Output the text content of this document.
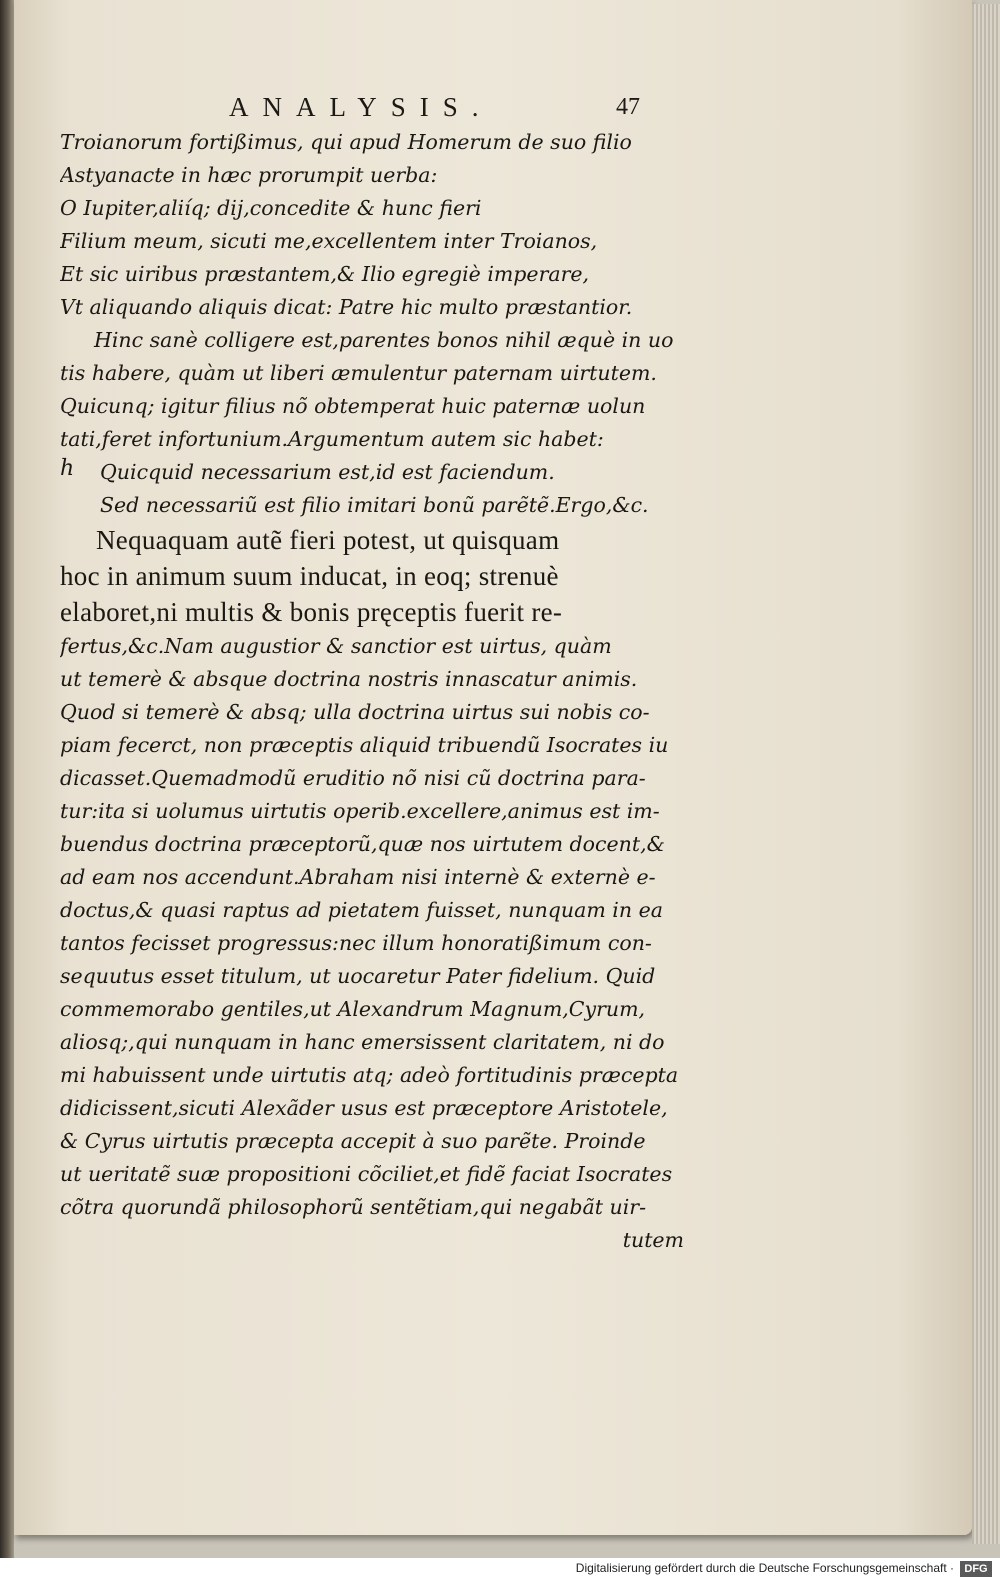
ANALYSIS.	47
Troianorum fortißimus, qui apud Homerum de suo filio
Astyanacte in hæc prorumpit uerba:
O Iupiter,aliíq; dij,concedite & hunc fieri
Filium meum, sicuti me,excellentem inter Troianos,
Et sic uiribus præstantem,& Ilio egregiè imperare,
Vt aliquando aliquis dicat: Patre hic multo præstantior.
Hinc sanè colligere est,parentes bonos nihil æquè in uo
tis habere, quàm ut liberi æmulentur paternam uirtutem.
Quicunq; igitur filius nõ obtemperat huic paternæ uolun
tati,feret infortunium.Argumentum autem sic habet:
Quicquid necessarium est,id est faciendum.
Sed necessariũ est filio imitari bonũ parẽtẽ.Ergo,&c.
Nequaquam autẽ fieri potest, ut quisquam
hoc in animum suum inducat, in eoq; strenuè
elaboret,ni multis & bonis pręceptis fuerit re-
fertus,&c.Nam augustior & sanctior est uirtus, quàm
ut temerè & absque doctrina nostris innascatur animis.
Quod si temerè & absq; ulla doctrina uirtus sui nobis co-
piam fecerct, non præceptis aliquid tribuendũ Isocrates iu
dicasset.Quemadmodũ eruditio nõ nisi cũ doctrina para-
tur:ita si uolumus uirtutis operib.excellere,animus est im-
buendus doctrina præceptorũ,quæ nos uirtutem docent,&
ad eam nos accendunt.Abraham nisi internè & externè e-
doctus,& quasi raptus ad pietatem fuisset, nunquam in ea
tantos fecisset progressus:nec illum honoratißimum con-
sequutus esset titulum, ut uocaretur Pater fidelium. Quid
commemorabo gentiles,ut Alexandrum Magnum,Cyrum,
aliosq;,qui nunquam in hanc emersissent claritatem, ni do
mi habuissent unde uirtutis atq; adeò fortitudinis præcepta
didicissent,sicuti Alexãder usus est præceptore Aristotele,
& Cyrus uirtutis præcepta accepit à suo parẽte. Proinde
ut ueritatẽ suæ propositioni cõciliet,et fidẽ faciat Isocrates
cõtra quorundã philosophorũ sentẽtiam,qui negabãt uir-
tutem
h
Digitalisierung gefördert durch die Deutsche Forschungsgemeinschaft · DFG
